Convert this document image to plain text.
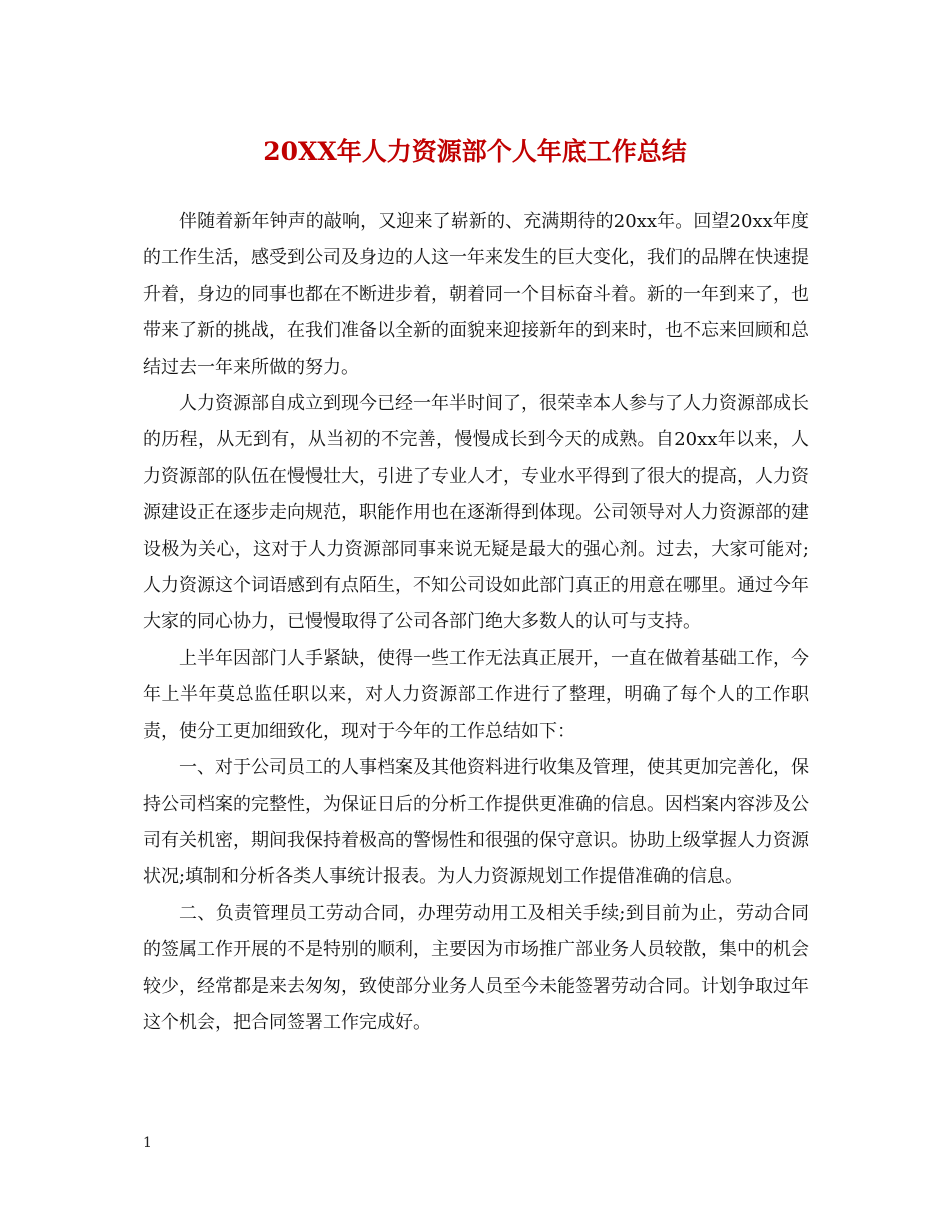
20XX年人力资源部个人年底工作总结

伴随着新年钟声的敲响，又迎来了崭新的、充满期待的20xx年。回望20xx年度的工作生活，感受到公司及身边的人这一年来发生的巨大变化，我们的品牌在快速提升着，身边的同事也都在不断进步着，朝着同一个目标奋斗着。新的一年到来了，也带来了新的挑战，在我们准备以全新的面貌来迎接新年的到来时，也不忘来回顾和总结过去一年来所做的努力。

人力资源部自成立到现今已经一年半时间了，很荣幸本人参与了人力资源部成长的历程，从无到有，从当初的不完善，慢慢成长到今天的成熟。自20xx年以来，人力资源部的队伍在慢慢壮大，引进了专业人才，专业水平得到了很大的提高，人力资源建设正在逐步走向规范，职能作用也在逐渐得到体现。公司领导对人力资源部的建设极为关心，这对于人力资源部同事来说无疑是最大的强心剂。过去，大家可能对;人力资源这个词语感到有点陌生，不知公司设如此部门真正的用意在哪里。通过今年大家的同心协力，已慢慢取得了公司各部门绝大多数人的认可与支持。

上半年因部门人手紧缺，使得一些工作无法真正展开，一直在做着基础工作，今年上半年莫总监任职以来，对人力资源部工作进行了整理，明确了每个人的工作职责，使分工更加细致化，现对于今年的工作总结如下：

一、对于公司员工的人事档案及其他资料进行收集及管理，使其更加完善化，保持公司档案的完整性，为保证日后的分析工作提供更准确的信息。因档案内容涉及公司有关机密，期间我保持着极高的警惕性和很强的保守意识。协助上级掌握人力资源状况;填制和分析各类人事统计报表。为人力资源规划工作提借准确的信息。

二、负责管理员工劳动合同，办理劳动用工及相关手续;到目前为止，劳动合同的签属工作开展的不是特别的顺利，主要因为市场推广部业务人员较散，集中的机会较少，经常都是来去匆匆，致使部分业务人员至今未能签署劳动合同。计划争取过年这个机会，把合同签署工作完成好。

1
